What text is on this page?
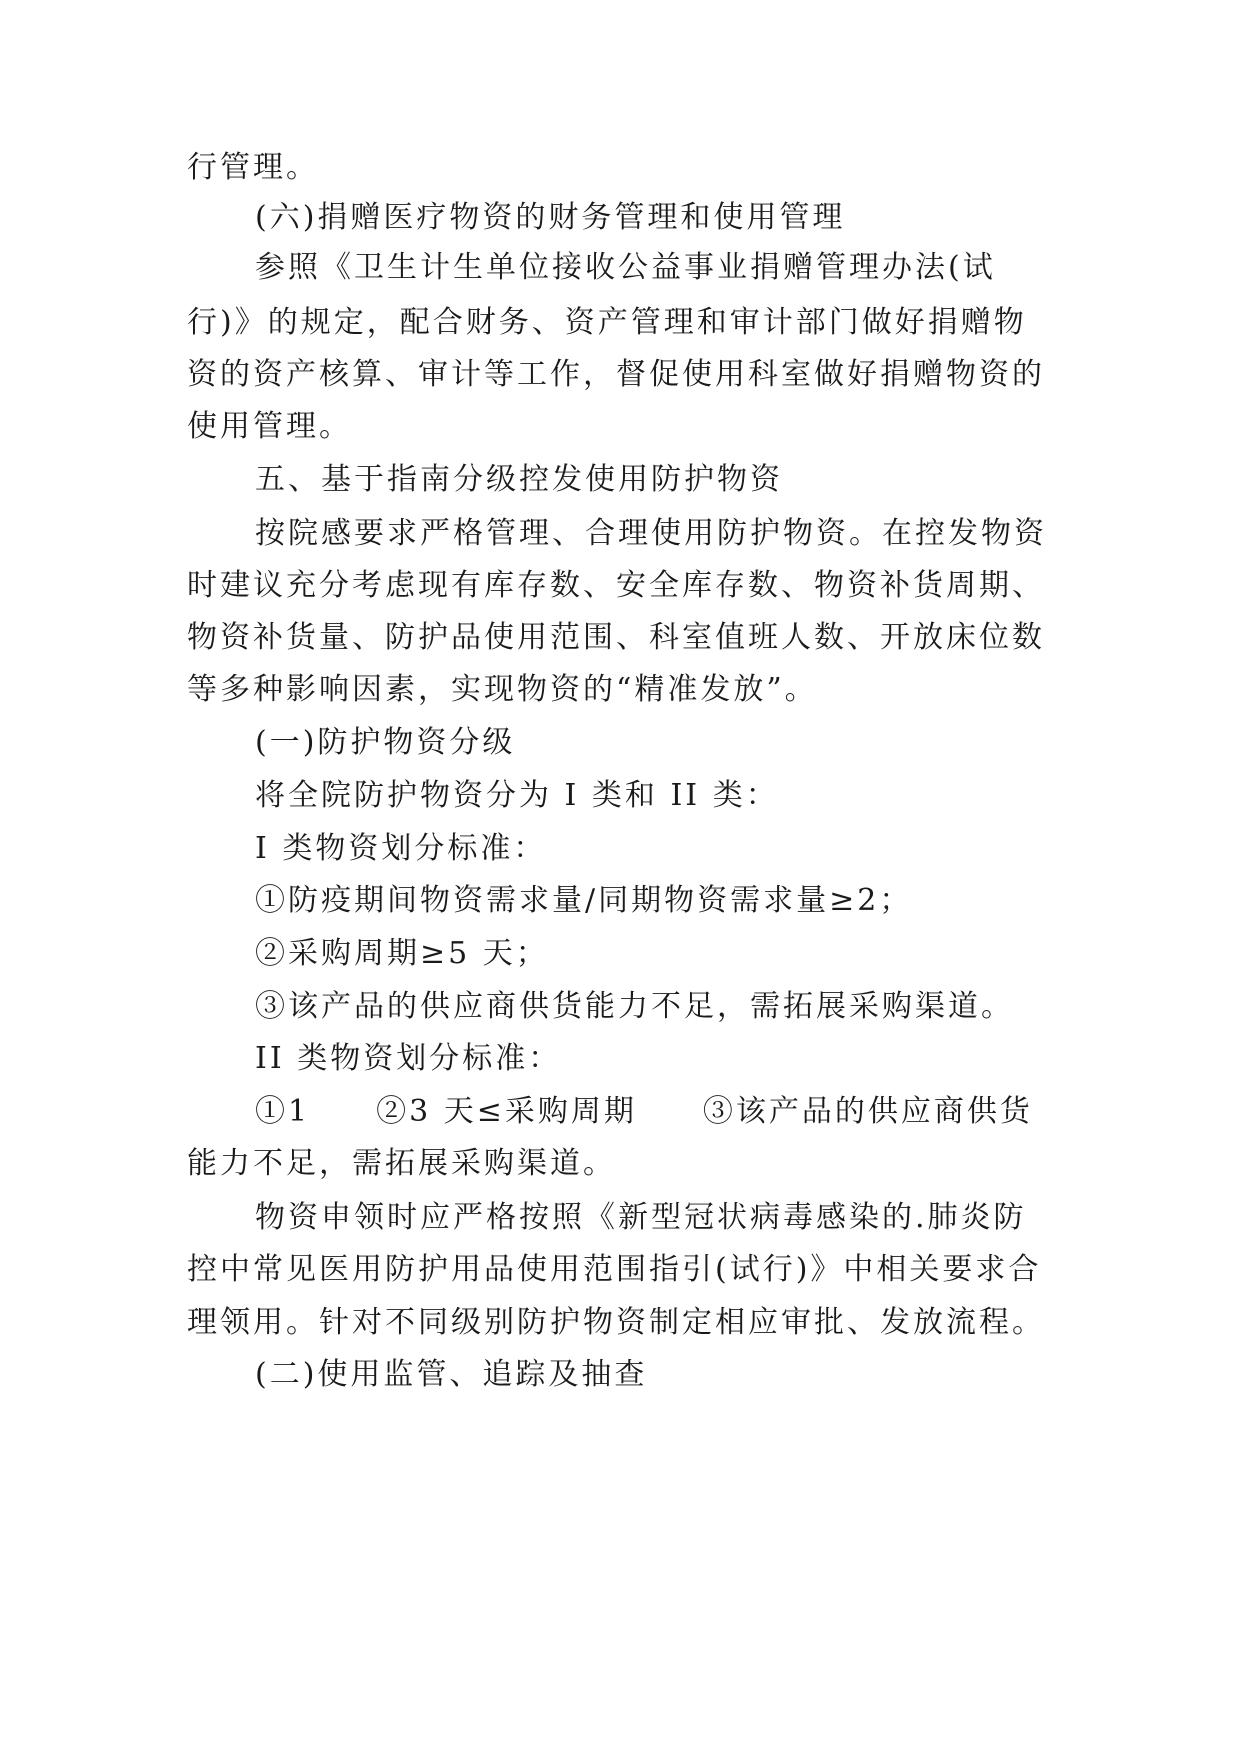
行管理。
(六)捐赠医疗物资的财务管理和使用管理
参照《卫生计生单位接收公益事业捐赠管理办法(试
行)》的规定，配合财务、资产管理和审计部门做好捐赠物
资的资产核算、审计等工作，督促使用科室做好捐赠物资的
使用管理。
五、基于指南分级控发使用防护物资
按院感要求严格管理、合理使用防护物资。在控发物资
时建议充分考虑现有库存数、安全库存数、物资补货周期、
物资补货量、防护品使用范围、科室值班人数、开放床位数
等多种影响因素，实现物资的“精准发放”。
(一)防护物资分级
将全院防护物资分为 I 类和 II 类：
I 类物资划分标准：
①防疫期间物资需求量/同期物资需求量≥2；
②采购周期≥5 天；
③该产品的供应商供货能力不足，需拓展采购渠道。
II 类物资划分标准：
①1　　②3 天≤采购周期　　③该产品的供应商供货
能力不足，需拓展采购渠道。
物资申领时应严格按照《新型冠状病毒感染的.肺炎防
控中常见医用防护用品使用范围指引(试行)》中相关要求合
理领用。针对不同级别防护物资制定相应审批、发放流程。
(二)使用监管、追踪及抽查
